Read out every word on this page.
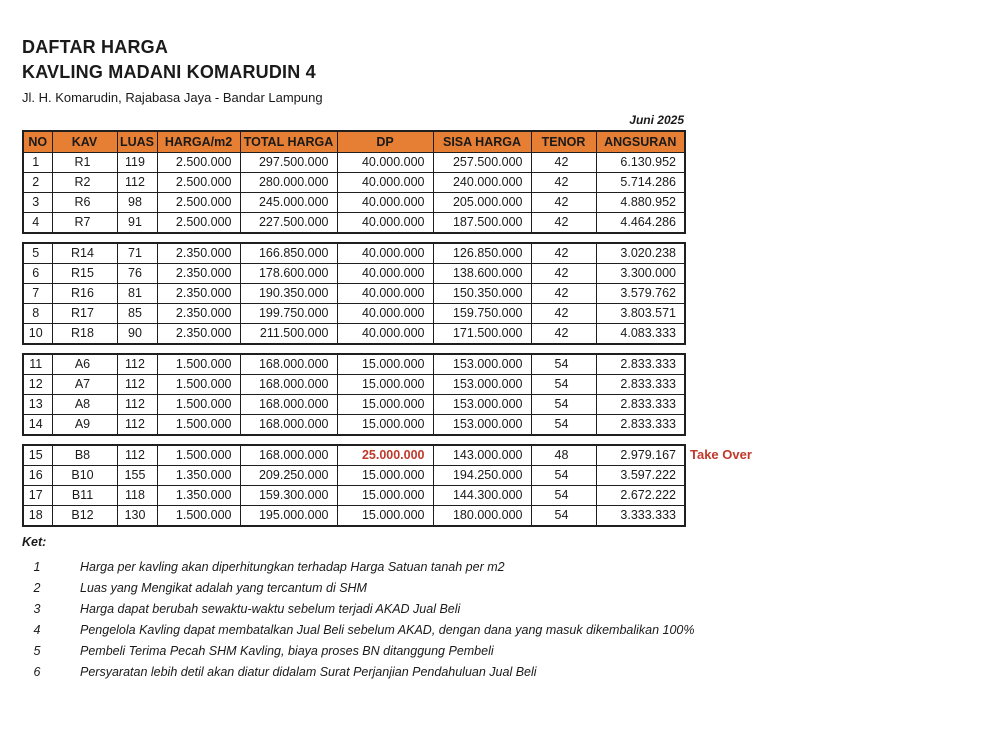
DAFTAR HARGA
KAVLING MADANI KOMARUDIN 4
Jl. H. Komarudin, Rajabasa Jaya - Bandar Lampung
Juni 2025
NO	KAV	LUAS	HARGA/m2	TOTAL HARGA	DP	SISA HARGA	TENOR	ANGSURAN
1	R1	119	2.500.000	297.500.000	40.000.000	257.500.000	42	6.130.952
2	R2	112	2.500.000	280.000.000	40.000.000	240.000.000	42	5.714.286
3	R6	98	2.500.000	245.000.000	40.000.000	205.000.000	42	4.880.952
4	R7	91	2.500.000	227.500.000	40.000.000	187.500.000	42	4.464.286
5	R14	71	2.350.000	166.850.000	40.000.000	126.850.000	42	3.020.238
6	R15	76	2.350.000	178.600.000	40.000.000	138.600.000	42	3.300.000
7	R16	81	2.350.000	190.350.000	40.000.000	150.350.000	42	3.579.762
8	R17	85	2.350.000	199.750.000	40.000.000	159.750.000	42	3.803.571
10	R18	90	2.350.000	211.500.000	40.000.000	171.500.000	42	4.083.333
11	A6	112	1.500.000	168.000.000	15.000.000	153.000.000	54	2.833.333
12	A7	112	1.500.000	168.000.000	15.000.000	153.000.000	54	2.833.333
13	A8	112	1.500.000	168.000.000	15.000.000	153.000.000	54	2.833.333
14	A9	112	1.500.000	168.000.000	15.000.000	153.000.000	54	2.833.333
15	B8	112	1.500.000	168.000.000	25.000.000	143.000.000	48	2.979.167
16	B10	155	1.350.000	209.250.000	15.000.000	194.250.000	54	3.597.222
17	B11	118	1.350.000	159.300.000	15.000.000	144.300.000	54	2.672.222
18	B12	130	1.500.000	195.000.000	15.000.000	180.000.000	54	3.333.333
Take Over
Ket:
1	Harga per kavling akan diperhitungkan terhadap Harga Satuan tanah per m2
2	Luas yang Mengikat adalah yang tercantum di SHM
3	Harga dapat berubah sewaktu-waktu sebelum terjadi AKAD Jual Beli
4	Pengelola Kavling dapat membatalkan Jual Beli sebelum AKAD, dengan dana yang masuk dikembalikan 100%
5	Pembeli Terima Pecah SHM Kavling, biaya proses BN ditanggung Pembeli
6	Persyaratan lebih detil akan diatur didalam Surat Perjanjian Pendahuluan Jual Beli
